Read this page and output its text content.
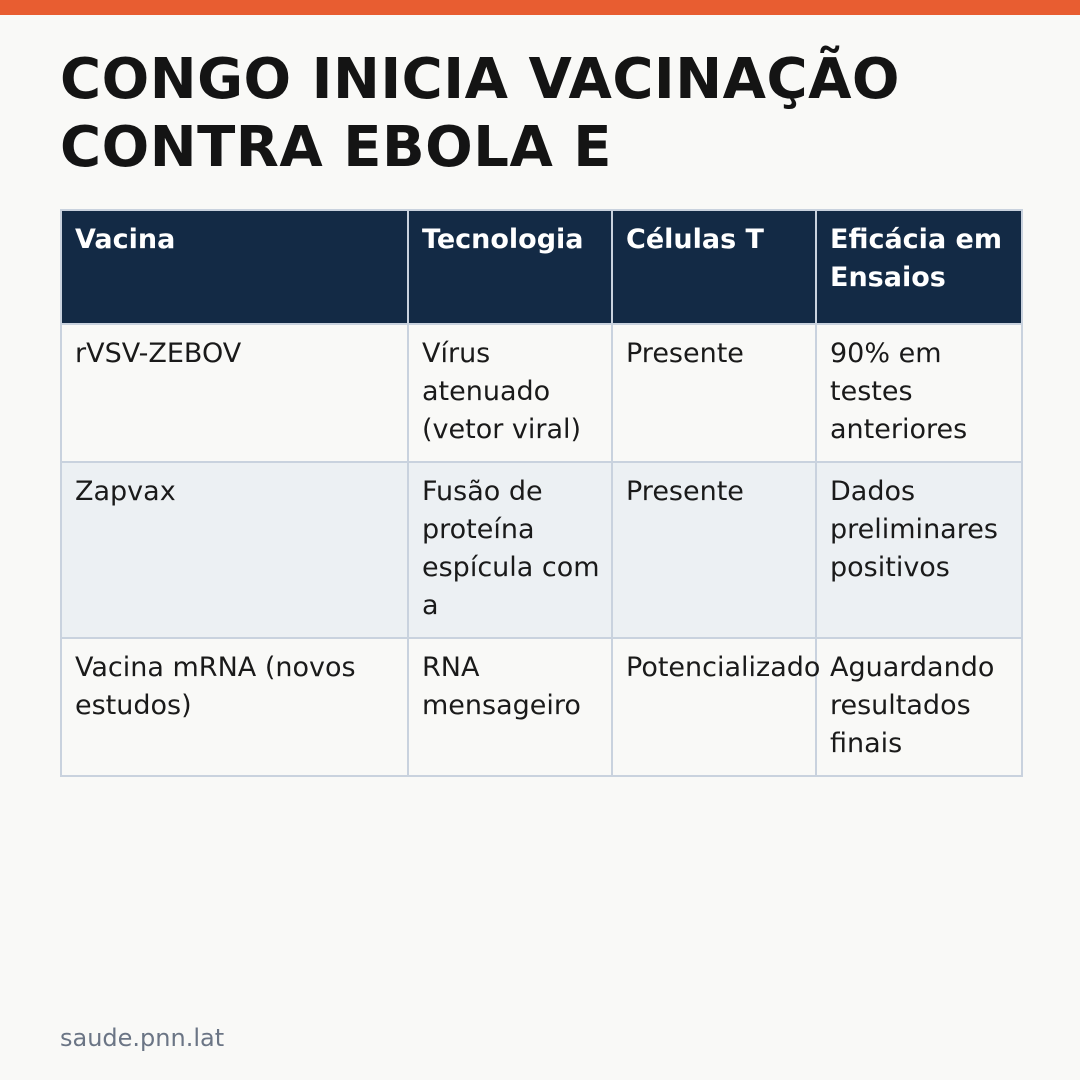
CONGO INICIA VACINAÇÃO CONTRA EBOLA E
Vacina	Tecnologia	Células T	Eficácia em Ensaios
rVSV-ZEBOV	Vírus atenuado (vetor viral)	Presente	90% em testes anteriores
Zapvax	Fusão de proteína espícula com a	Presente	Dados preliminares positivos
Vacina mRNA (novos estudos)	RNA mensageiro	Potencializado	Aguardando resultados finais
saude.pnn.lat
